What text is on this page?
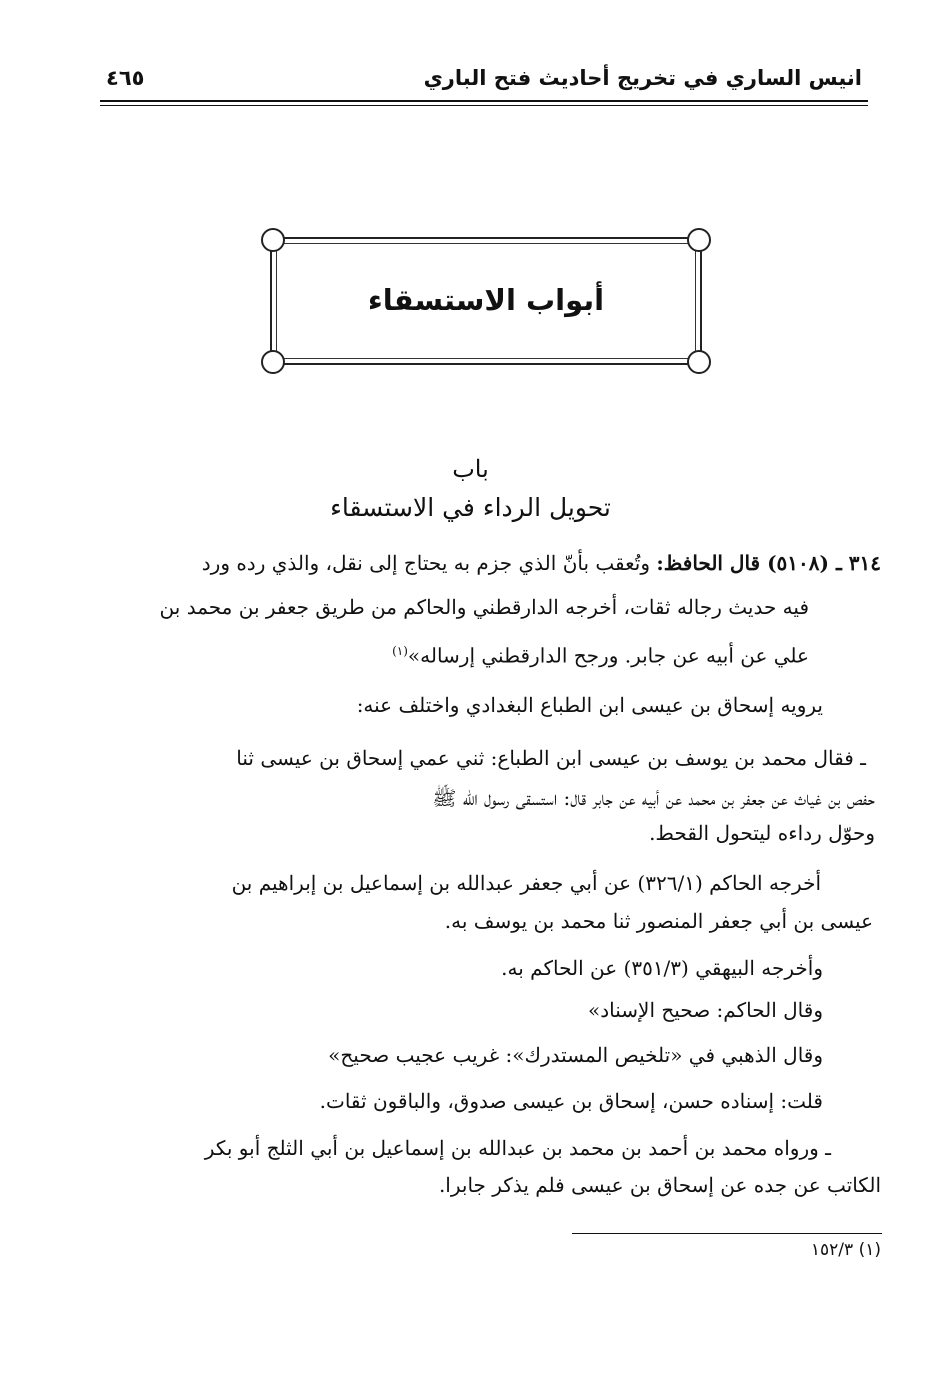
انيس الساري في تخريج أحاديث فتح الباري
٤٦٥
أبواب الاستسقاء
باب
تحويل الرداء في الاستسقاء
٣١٤ ـ (٥١٠٨) قال الحافظ: وتُعقب بأنّ الذي جزم به يحتاج إلى نقل، والذي رده ورد
فيه حديث رجاله ثقات، أخرجه الدارقطني والحاكم من طريق جعفر بن محمد بن
علي عن أبيه عن جابر. ورجح الدارقطني إرساله»$^{(١)}$
يرويه إسحاق بن عيسى ابن الطباع البغدادي واختلف عنه:
ـ فقال محمد بن يوسف بن عيسى ابن الطباع: ثني عمي إسحاق بن عيسى ثنا
حفص بن غياث عن جعفر بن محمد عن أبيه عن جابر قال: استسقى رسول الله ﷺ
وحوّل رداءه ليتحول القحط.
أخرجه الحاكم (٣٢٦/١) عن أبي جعفر عبدالله بن إسماعيل بن إبراهيم بن
عيسى بن أبي جعفر المنصور ثنا محمد بن يوسف به.
وأخرجه البيهقي (٣٥١/٣) عن الحاكم به.
وقال الحاكم: صحيح الإسناد»
وقال الذهبي في «تلخيص المستدرك»: غريب عجيب صحيح»
قلت: إسناده حسن، إسحاق بن عيسى صدوق، والباقون ثقات.
ـ ورواه محمد بن أحمد بن محمد بن عبدالله بن إسماعيل بن أبي الثلج أبو بكر
الكاتب عن جده عن إسحاق بن عيسى فلم يذكر جابرا.
(١) ١٥٢/٣
